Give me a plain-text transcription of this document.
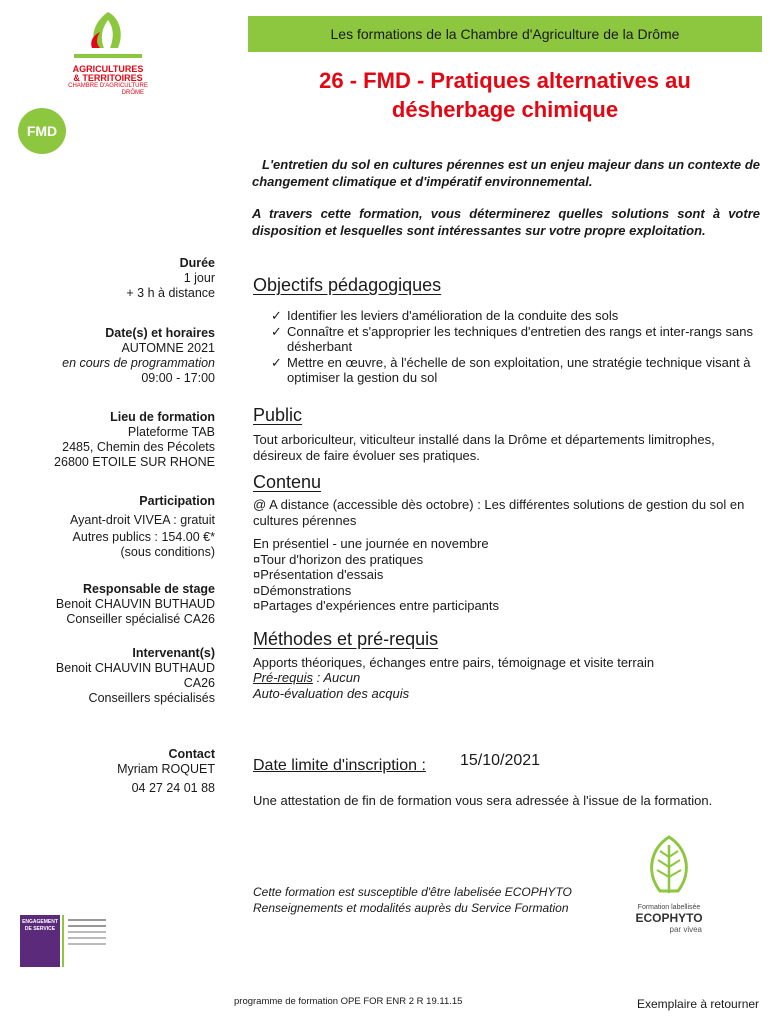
AGRICULTURES
& TERRITOIRES
CHAMBRE D'AGRICULTURE
DRÔME
FMD
Les formations de la Chambre d'Agriculture de la Drôme
26 - FMD - Pratiques alternatives au
désherbage chimique

L'entretien du sol en cultures pérennes est un enjeu majeur dans un contexte de changement climatique et d'impératif environnemental.

A travers cette formation, vous déterminerez quelles solutions sont à votre disposition et lesquelles sont intéressantes sur votre propre exploitation.

Durée
1 jour
+ 3 h à distance
Date(s) et horaires
AUTOMNE 2021
en cours de programmation
09:00 - 17:00
Lieu de formation
Plateforme TAB
2485, Chemin des Pécolets
26800 ETOILE SUR RHONE
Participation
Ayant-droit VIVEA : gratuit
Autres publics : 154.00 €*
(sous conditions)
Responsable de stage
Benoit CHAUVIN BUTHAUD
Conseiller spécialisé CA26
Intervenant(s)
Benoit CHAUVIN BUTHAUD
CA26
Conseillers spécialisés
Contact
Myriam ROQUET
04 27 24 01 88
Objectifs pédagogiques
✓ Identifier les leviers d'amélioration de la conduite des sols
✓ Connaître et s'approprier les techniques d'entretien des rangs et inter-rangs sans désherbant
✓ Mettre en œuvre, à l'échelle de son exploitation, une stratégie technique visant à optimiser la gestion du sol
Public
Tout arboriculteur, viticulteur installé dans la Drôme et départements limitrophes, désireux de faire évoluer ses pratiques.
Contenu
@ A distance (accessible dès octobre) : Les différentes solutions de gestion du sol en cultures pérennes
En présentiel - une journée en novembre
¤ Tour d'horizon des pratiques
¤ Présentation d'essais
¤ Démonstrations
¤ Partages d'expériences entre participants
Méthodes et pré-requis
Apports théoriques, échanges entre pairs, témoignage et visite terrain
Pré-requis : Aucun
Auto-évaluation des acquis
Date limite d'inscription : 15/10/2021
Une attestation de fin de formation vous sera adressée à l'issue de la formation.
Cette formation est susceptible d'être labelisée ECOPHYTO
Renseignements et modalités auprès du Service Formation	Formation labellisée
ECOPHYTO
par vivea
ENGAGEMENT
DE SERVICE
programme de formation OPE FOR ENR 2 R 19.11.15	Exemplaire à retourner
